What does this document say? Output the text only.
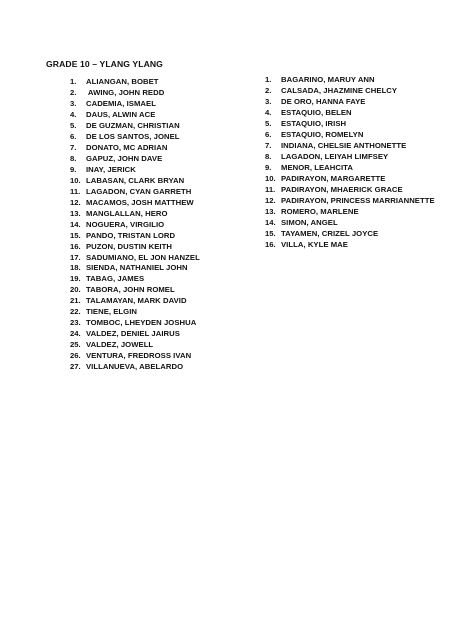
GRADE 10 – YLANG YLANG
1.	ALIANGAN, BOBET
2.	AWING, JOHN REDD
3.	CADEMIA, ISMAEL
4.	DAUS, ALWIN ACE
5.	DE GUZMAN, CHRISTIAN
6.	DE LOS SANTOS, JONEL
7.	DONATO, MC ADRIAN
8.	GAPUZ, JOHN DAVE
9.	INAY, JERICK
10. LABASAN, CLARK BRYAN
11. LAGADON, CYAN GARRETH
12. MACAMOS, JOSH MATTHEW
13. MANGLALLAN, HERO
14. NOGUERA, VIRGILIO
15. PANDO, TRISTAN LORD
16. PUZON, DUSTIN KEITH
17. SADUMIANO, EL JON HANZEL
18. SIENDA, NATHANIEL JOHN
19. TABAG, JAMES
20. TABORA, JOHN ROMEL
21. TALAMAYAN, MARK DAVID
22. TIENE, ELGIN
23. TOMBOC, LHEYDEN JOSHUA
24. VALDEZ, DENIEL JAIRUS
25. VALDEZ, JOWELL
26. VENTURA, FREDROSS IVAN
27. VILLANUEVA, ABELARDO
1.	BAGARINO, MARUY ANN
2.	CALSADA, JHAZMINE CHELCY
3.	DE ORO, HANNA FAYE
4.	ESTAQUIO, BELEN
5.	ESTAQUIO, IRISH
6.	ESTAQUIO, ROMELYN
7.	INDIANA, CHELSIE ANTHONETTE
8.	LAGADON, LEIYAH LIMFSEY
9.	MENOR, LEAHCITA
10. PADIRAYON, MARGARETTE
11. PADIRAYON, MHAERICK GRACE
12. PADIRAYON, PRINCESS MARRIANNETTE
13. ROMERO, MARLENE
14. SIMON, ANGEL
15. TAYAMEN, CRIZEL JOYCE
16. VILLA, KYLE MAE
